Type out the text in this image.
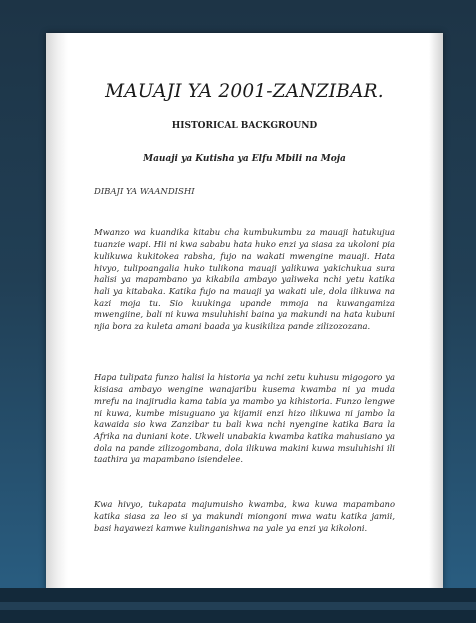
MAUAJI YA 2001-ZANZIBAR.
HISTORICAL BACKGROUND
Mauaji ya Kutisha ya Elfu Mbili na Moja
DIBAJI YA WAANDISHI

Mwanzo wa kuandika kitabu cha kumbukumbu za mauaji hatukujua tuanzie wapi. Hii ni kwa sababu hata huko enzi ya siasa za ukoloni pia kulikuwa kukitokea rabsha, fujo na wakati mwengine mauaji. Hata hivyo, tulipoangalia huko tulikona mauaji yalikuwa yakichukua sura halisi ya mapambano ya kikabila ambayo yaliweka nchi yetu katika hali ya kitabaka. Katika fujo na mauaji ya wakati ule, dola ilikuwa na kazi moja tu. Sio kuukinga upande mmoja na kuwangamiza mwengiine, bali ni kuwa msuluhishi baina ya makundi na hata kubuni njia bora za kuleta amani baada ya kusikiliza pande zilizozozana.

Hapa tulipata funzo halisi la historia ya nchi zetu kuhusu migogoro ya kisiasa ambayo wengine wanajaribu kusema kwamba ni ya muda mrefu na inajirudia kama tabia ya mambo ya kihistoria. Funzo lengwe ni kuwa, kumbe misuguano ya kijamii enzi hizo ilikuwa ni jambo la kawaida sio kwa Zanzibar tu bali kwa nchi nyengine katika Bara la Afrika na duniani kote. Ukweli unabakia kwamba katika mahusiano ya dola na pande zilizogombana, dola ilikuwa makini kuwa msuluhishi ili taathira ya mapambano isiendelee.

Kwa hivyo, tukapata majumuisho kwamba, kwa kuwa mapambano katika siasa za leo si ya makundi miongoni mwa watu katika jamii, basi hayawezi kamwe kulinganishwa na yale ya enzi ya kikoloni.
